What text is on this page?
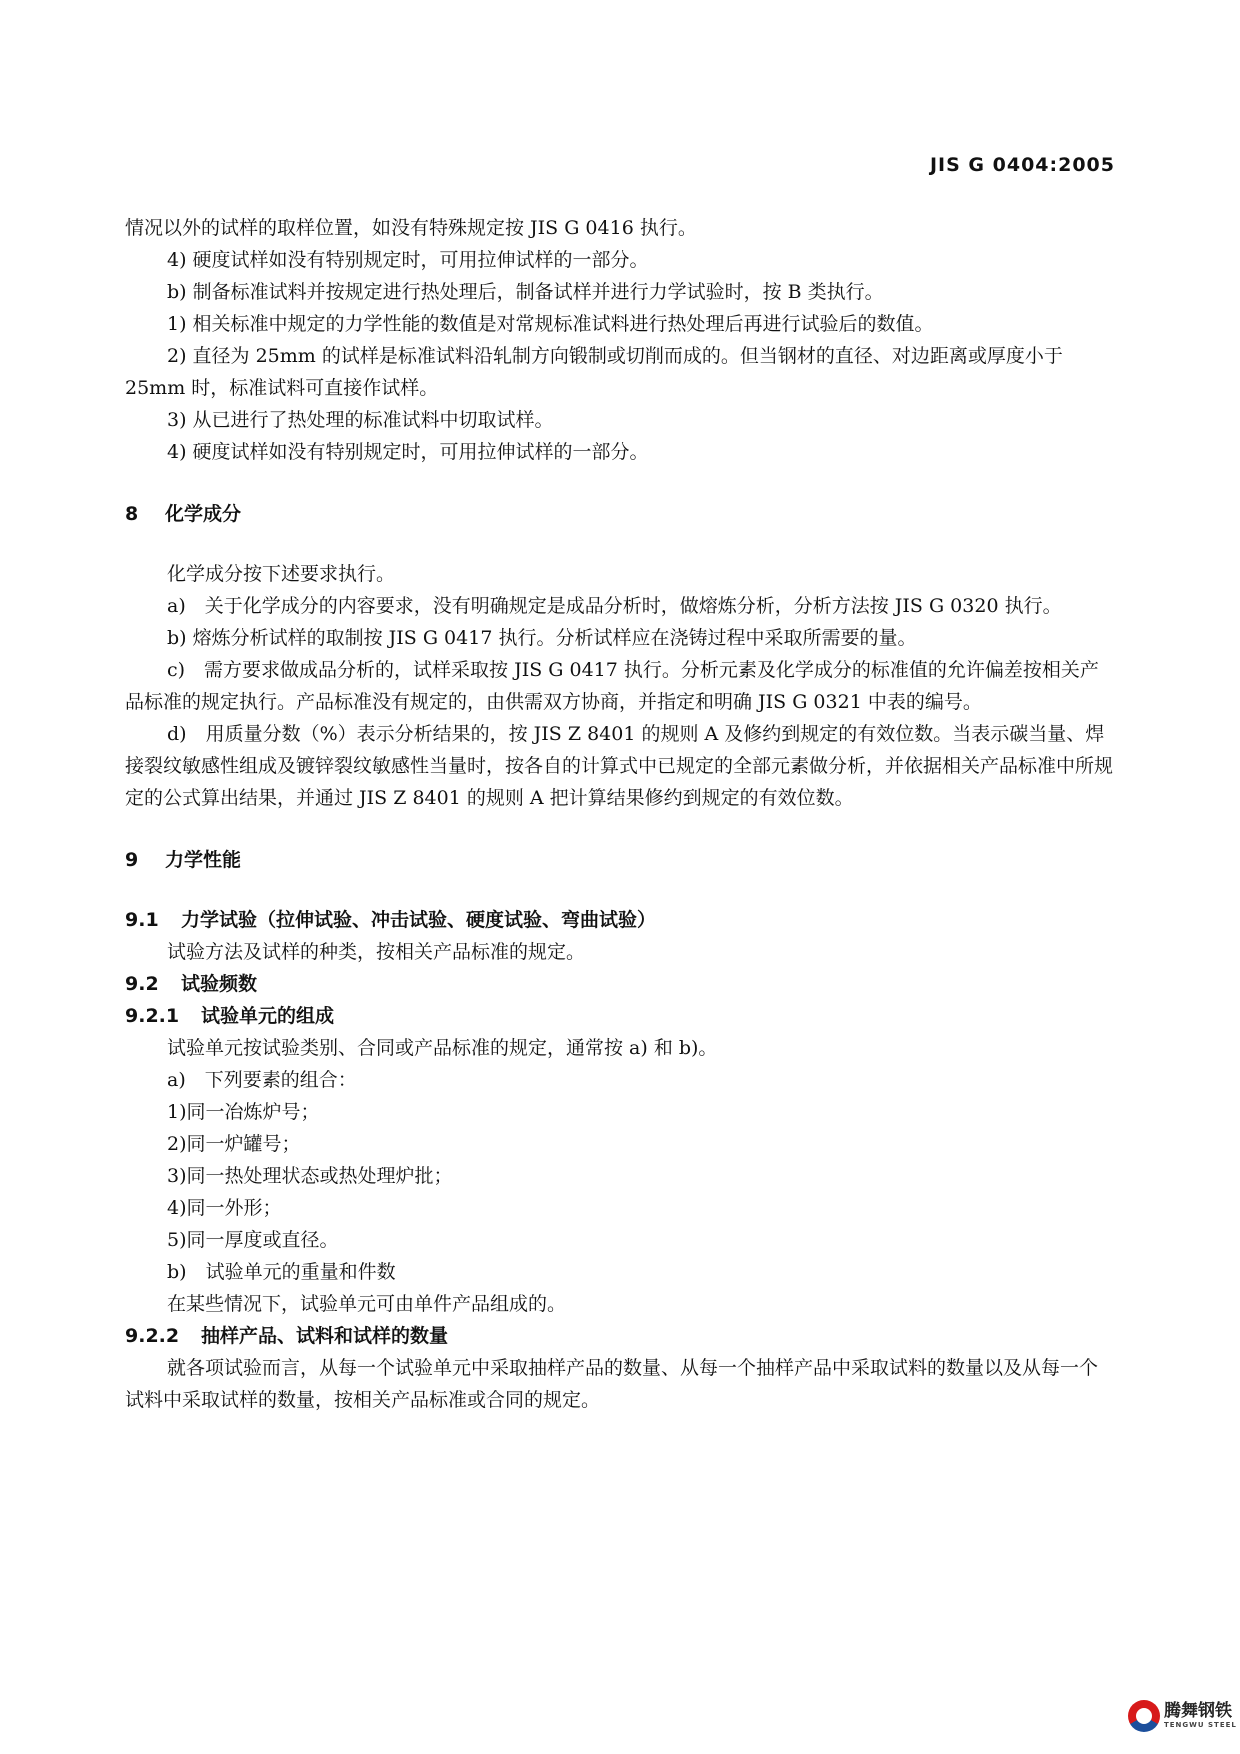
JIS G 0404:2005

情况以外的试样的取样位置，如没有特殊规定按 JIS G 0416 执行。

4) 硬度试样如没有特别规定时，可用拉伸试样的一部分。

b) 制备标准试料并按规定进行热处理后，制备试样并进行力学试验时，按 B 类执行。

1) 相关标准中规定的力学性能的数值是对常规标准试料进行热处理后再进行试验后的数值。

2) 直径为 25mm 的试样是标准试料沿轧制方向锻制或切削而成的。但当钢材的直径、对边距离或厚度小于 25mm 时，标准试料可直接作试样。

3) 从已进行了热处理的标准试料中切取试样。

4) 硬度试样如没有特别规定时，可用拉伸试样的一部分。

8 化学成分

化学成分按下述要求执行。

a)　关于化学成分的内容要求，没有明确规定是成品分析时，做熔炼分析，分析方法按 JIS G 0320 执行。

b) 熔炼分析试样的取制按 JIS G 0417 执行。分析试样应在浇铸过程中采取所需要的量。

c)　需方要求做成品分析的，试样采取按 JIS G 0417 执行。分析元素及化学成分的标准值的允许偏差按相关产品标准的规定执行。产品标准没有规定的，由供需双方协商，并指定和明确 JIS G 0321 中表的编号。

d)　用质量分数（%）表示分析结果的，按 JIS Z 8401 的规则 A 及修约到规定的有效位数。当表示碳当量、焊接裂纹敏感性组成及镀锌裂纹敏感性当量时，按各自的计算式中已规定的全部元素做分析，并依据相关产品标准中所规定的公式算出结果，并通过 JIS Z 8401 的规则 A 把计算结果修约到规定的有效位数。

9 力学性能
9.1 力学试验（拉伸试验、冲击试验、硬度试验、弯曲试验）

试验方法及试样的种类，按相关产品标准的规定。

9.2 试验频数
9.2.1 试验单元的组成

试验单元按试验类别、合同或产品标准的规定，通常按 a) 和 b)。

a)　下列要素的组合：

1)同一冶炼炉号；

2)同一炉罐号；

3)同一热处理状态或热处理炉批；

4)同一外形；

5)同一厚度或直径。

b)　试验单元的重量和件数

在某些情况下，试验单元可由单件产品组成的。

9.2.2 抽样产品、试料和试样的数量

就各项试验而言，从每一个试验单元中采取抽样产品的数量、从每一个抽样产品中采取试料的数量以及从每一个试料中采取试样的数量，按相关产品标准或合同的规定。

腾舞钢铁
TENGWU STEEL
